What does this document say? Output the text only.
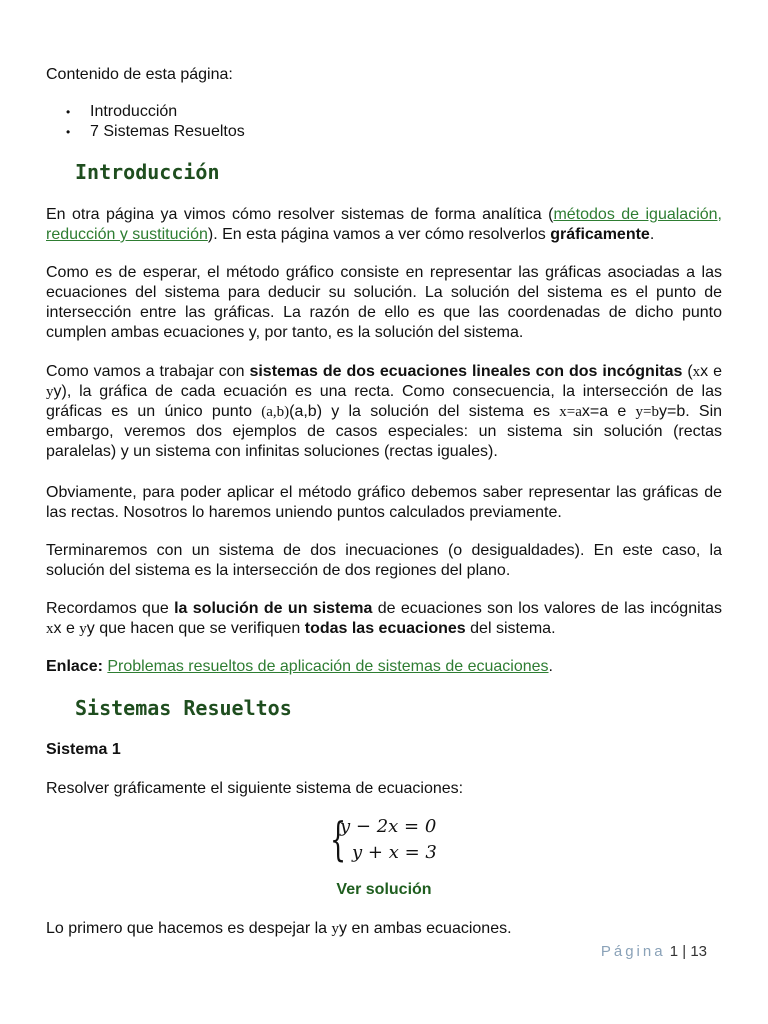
Contenido de esta página:

• Introducción
• 7 Sistemas Resueltos
Introducción

En otra página ya vimos cómo resolver sistemas de forma analítica (métodos de igualación, reducción y sustitución). En esta página vamos a ver cómo resolverlos gráficamente.

Como es de esperar, el método gráfico consiste en representar las gráficas asociadas a las ecuaciones del sistema para deducir su solución. La solución del sistema es el punto de intersección entre las gráficas. La razón de ello es que las coordenadas de dicho punto cumplen ambas ecuaciones y, por tanto, es la solución del sistema.

Como vamos a trabajar con sistemas de dos ecuaciones lineales con dos incógnitas (xx e yy), la gráfica de cada ecuación es una recta. Como consecuencia, la intersección de las gráficas es un único punto (a,b)(a,b) y la solución del sistema es x=ax=a e y=by=b. Sin embargo, veremos dos ejemplos de casos especiales: un sistema sin solución (rectas paralelas) y un sistema con infinitas soluciones (rectas iguales).

Obviamente, para poder aplicar el método gráfico debemos saber representar las gráficas de las rectas. Nosotros lo haremos uniendo puntos calculados previamente.

Terminaremos con un sistema de dos inecuaciones (o desigualdades). En este caso, la solución del sistema es la intersección de dos regiones del plano.

Recordamos que la solución de un sistema de ecuaciones son los valores de las incógnitas xx e yy que hacen que se verifiquen todas las ecuaciones del sistema.

Enlace: Problemas resueltos de aplicación de sistemas de ecuaciones.

Sistemas Resueltos

Sistema 1

Resolver gráficamente el siguiente sistema de ecuaciones:

{
y − 2x = 0
y + x = 3
Ver solución

Lo primero que hacemos es despejar la yy en ambas ecuaciones.

Página 1 | 13
